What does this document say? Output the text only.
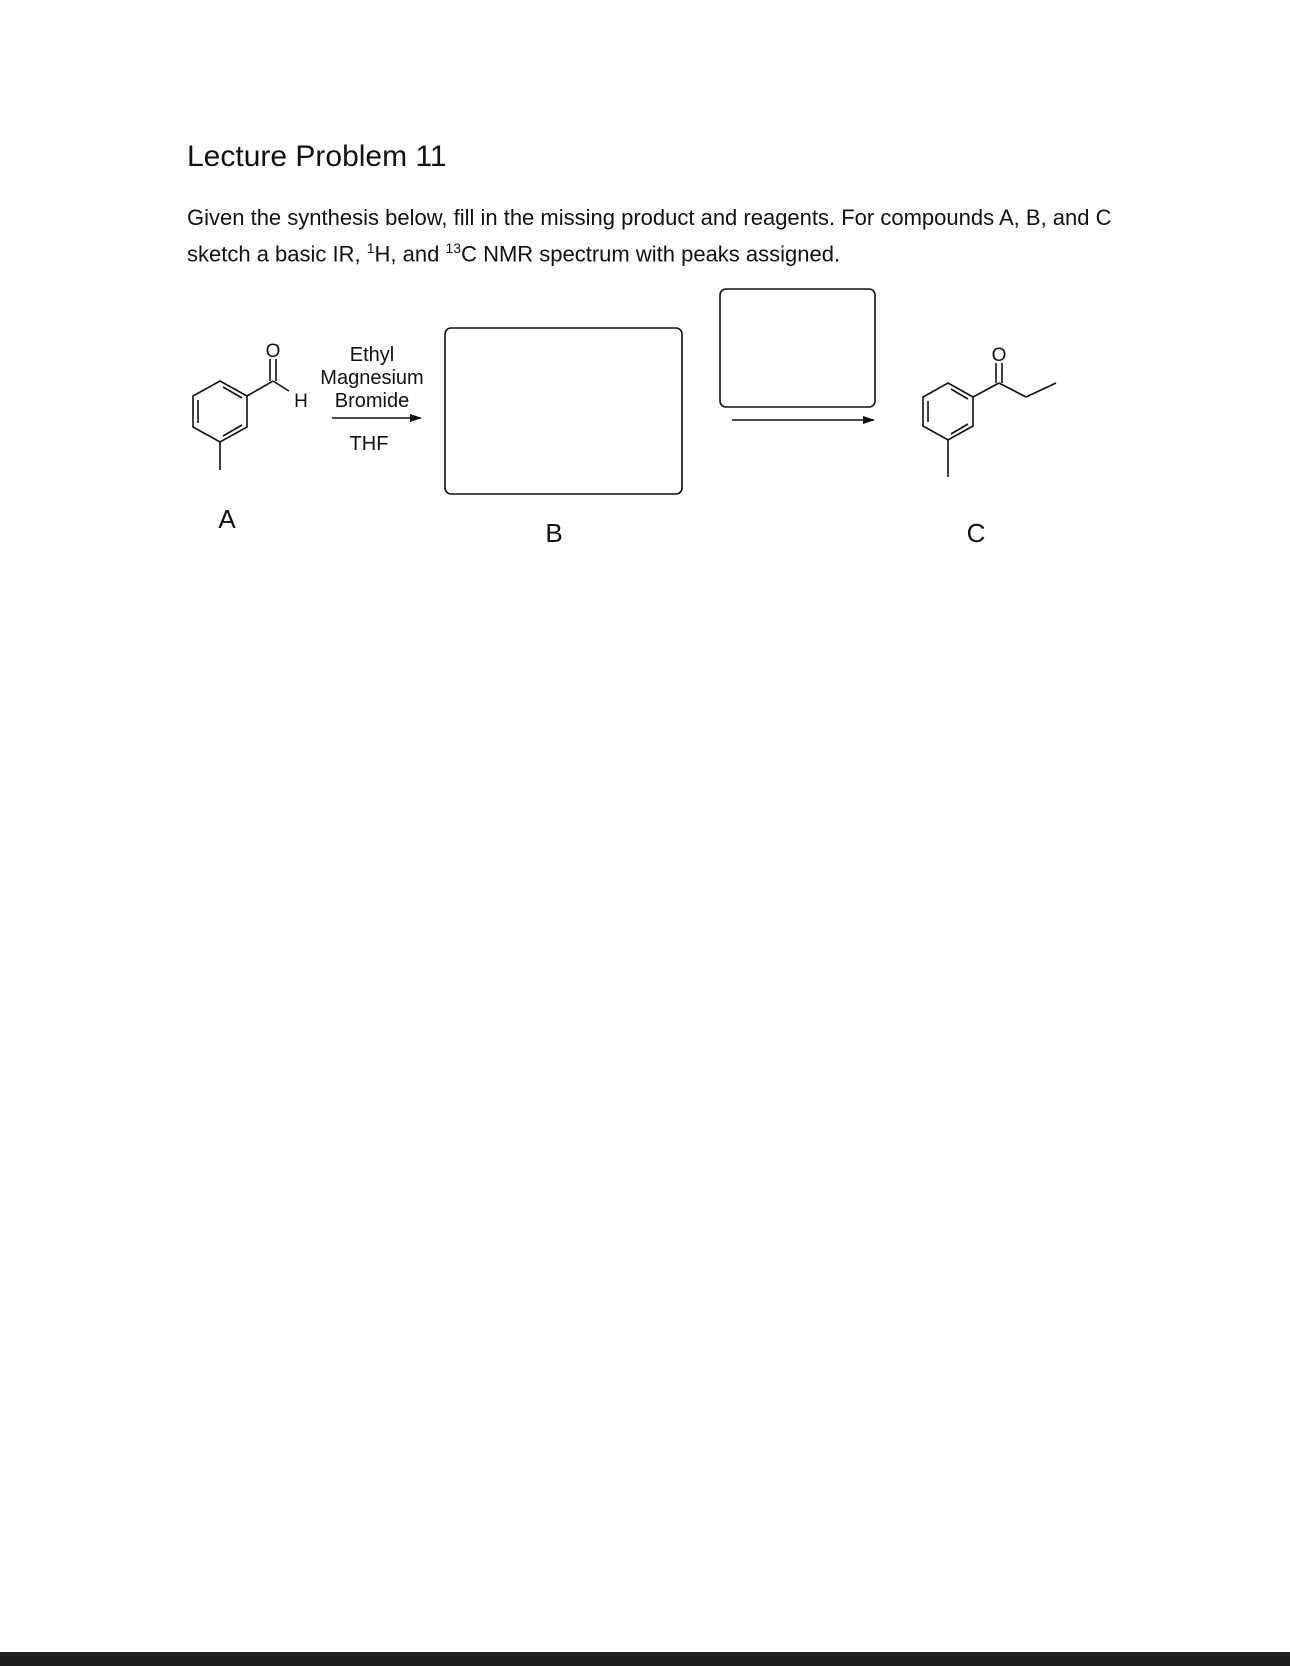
Lecture Problem 11

Given the synthesis below, fill in the missing product and reagents. For compounds A, B, and C sketch a basic IR, $^1$H, and $^{13}$C NMR spectrum with peaks assigned.

O
H
A
Ethyl
Magnesium
Bromide
THF
B
O
C
